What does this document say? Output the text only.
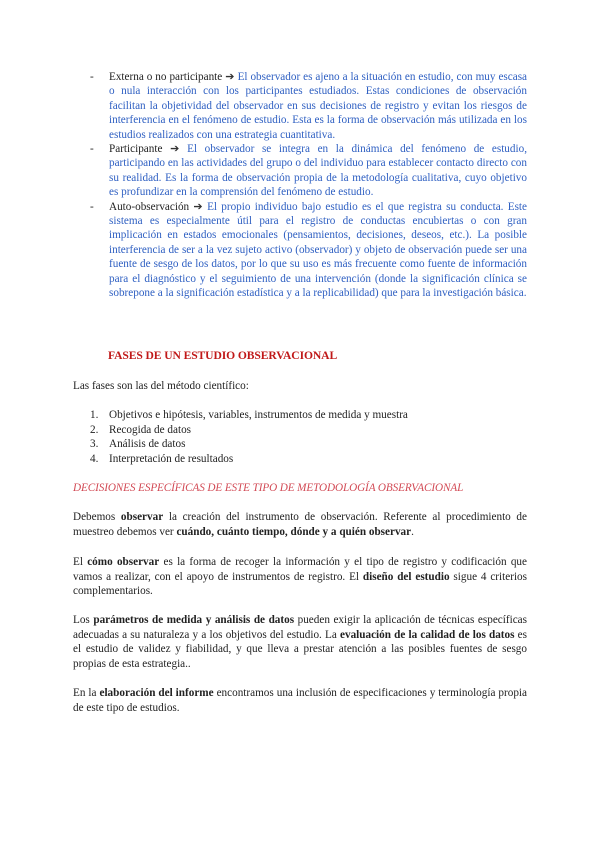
- Externa o no participante ➔ El observador es ajeno a la situación en estudio, con muy escasa o nula interacción con los participantes estudiados. Estas condiciones de observación facilitan la objetividad del observador en sus decisiones de registro y evitan los riesgos de interferencia en el fenómeno de estudio. Esta es la forma de observación más utilizada en los estudios realizados con una estrategia cuantitativa.
- Participante ➔ El observador se integra en la dinámica del fenómeno de estudio, participando en las actividades del grupo o del individuo para establecer contacto directo con su realidad. Es la forma de observación propia de la metodología cualitativa, cuyo objetivo es profundizar en la comprensión del fenómeno de estudio.
- Auto-observación ➔ El propio individuo bajo estudio es el que registra su conducta. Este sistema es especialmente útil para el registro de conductas encubiertas o con gran implicación en estados emocionales (pensamientos, decisiones, deseos, etc.). La posible interferencia de ser a la vez sujeto activo (observador) y objeto de observación puede ser una fuente de sesgo de los datos, por lo que su uso es más frecuente como fuente de información para el diagnóstico y el seguimiento de una intervención (donde la significación clínica se sobrepone a la significación estadística y a la replicabilidad) que para la investigación básica.
FASES DE UN ESTUDIO OBSERVACIONAL
Las fases son las del método científico:
1. Objetivos e hipótesis, variables, instrumentos de medida y muestra
2. Recogida de datos
3. Análisis de datos
4. Interpretación de resultados
DECISIONES ESPECÍFICAS DE ESTE TIPO DE METODOLOGÍA OBSERVACIONAL
Debemos observar la creación del instrumento de observación. Referente al procedimiento de muestreo debemos ver cuándo, cuánto tiempo, dónde y a quién observar.
El cómo observar es la forma de recoger la información y el tipo de registro y codificación que vamos a realizar, con el apoyo de instrumentos de registro. El diseño del estudio sigue 4 criterios complementarios.
Los parámetros de medida y análisis de datos pueden exigir la aplicación de técnicas específicas adecuadas a su naturaleza y a los objetivos del estudio. La evaluación de la calidad de los datos es el estudio de validez y fiabilidad, y que lleva a prestar atención a las posibles fuentes de sesgo propias de esta estrategia..
En la elaboración del informe encontramos una inclusión de especificaciones y terminología propia de este tipo de estudios.
